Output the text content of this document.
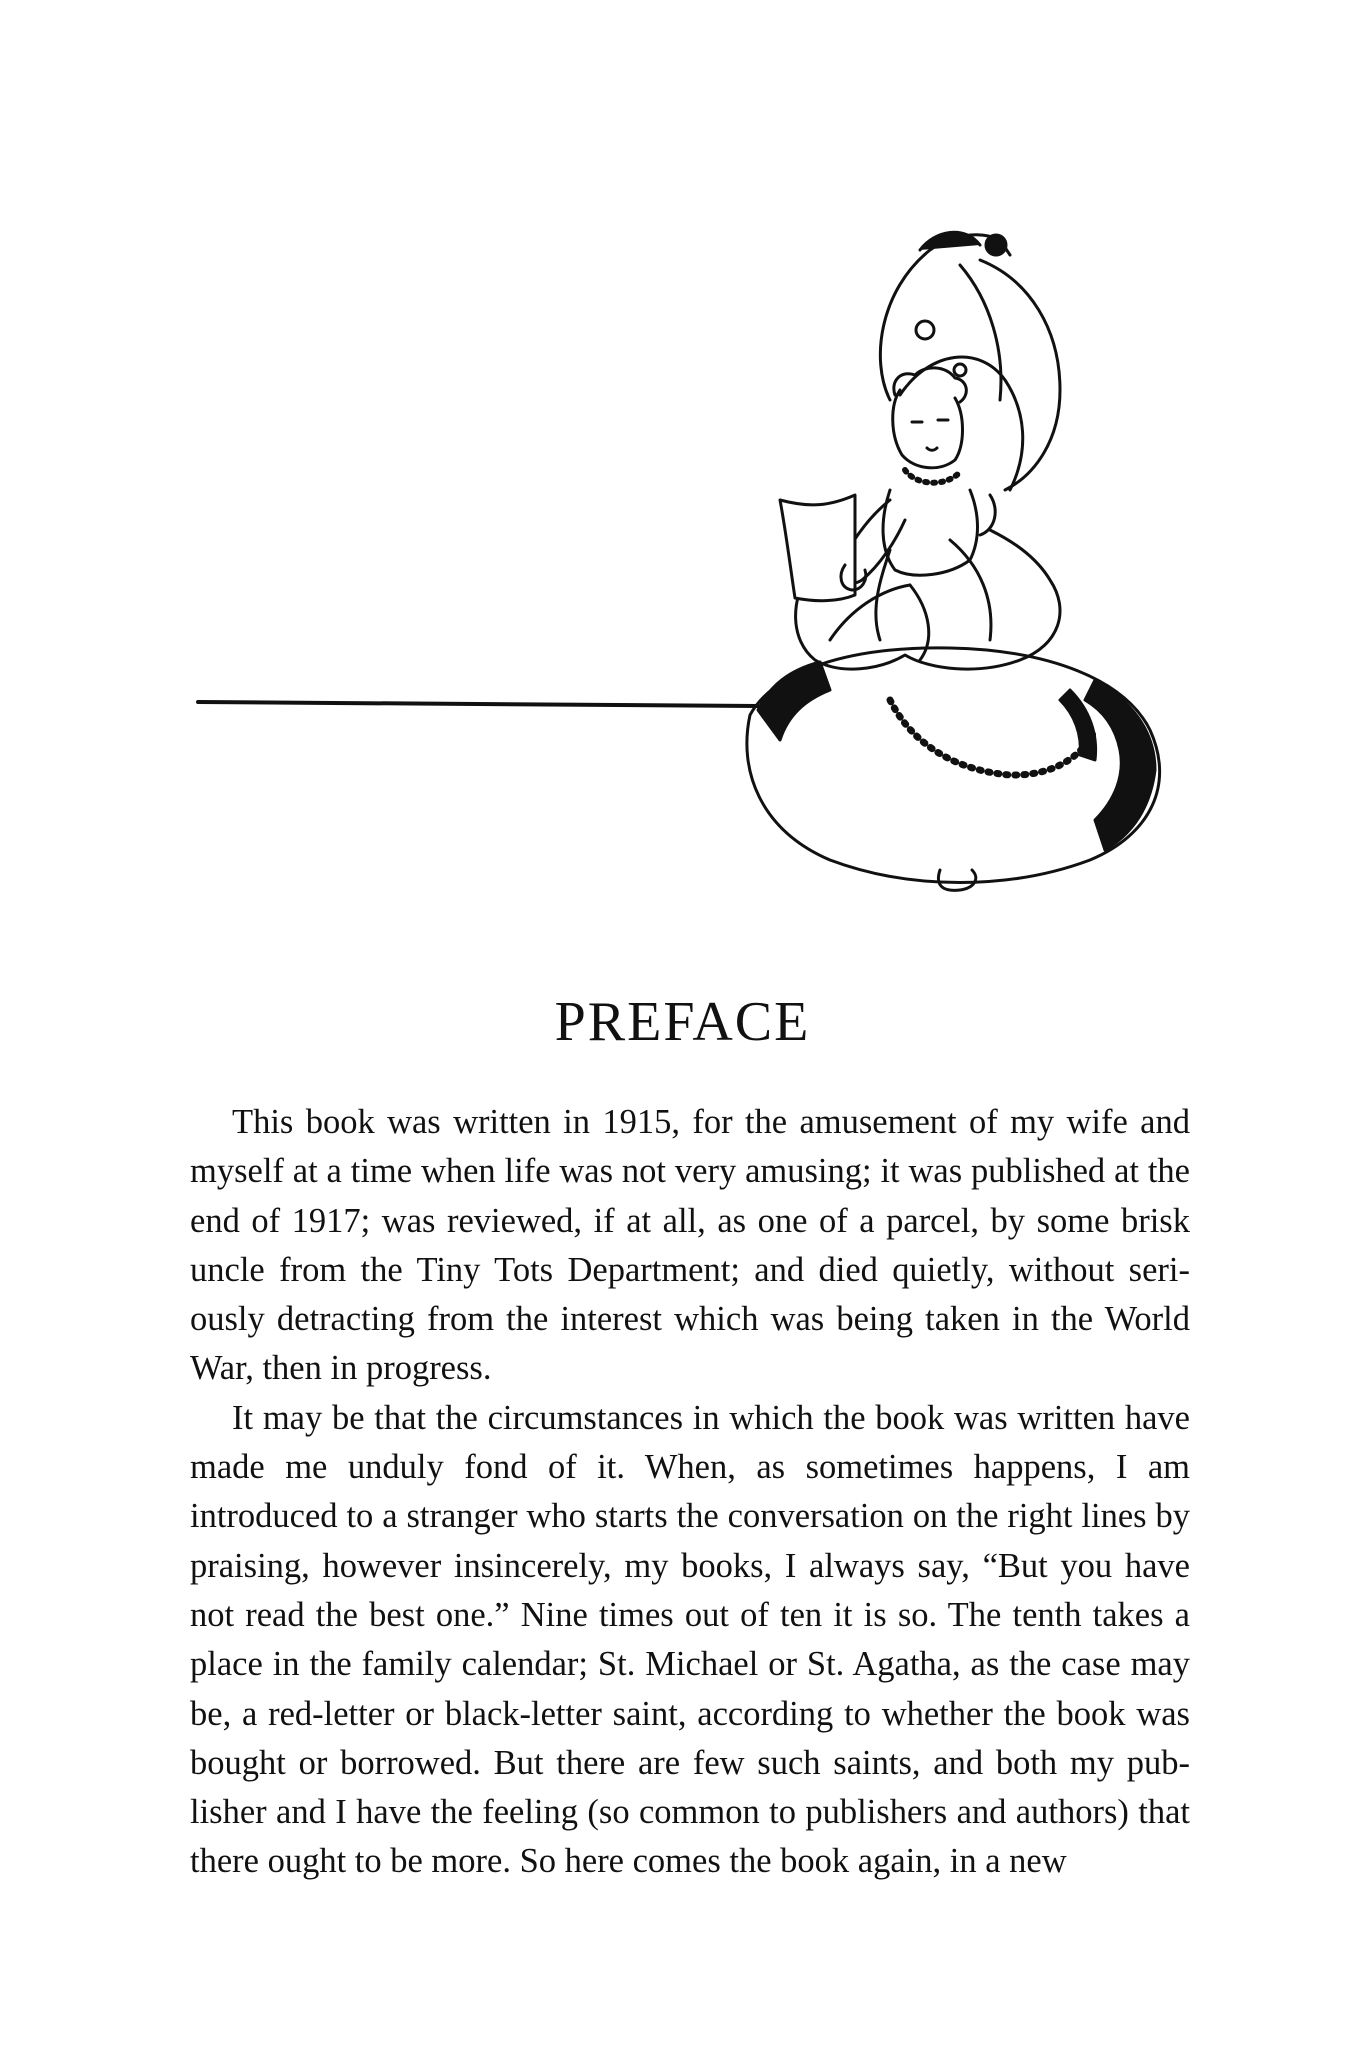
PREFACE

This book was written in 1915, for the amusement of my wife and myself at a time when life was not very amusing; it was published at the end of 1917; was reviewed, if at all, as one of a parcel, by some brisk uncle from the Tiny Tots Department; and died quietly, without seriously detracting from the interest which was being taken in the World War, then in progress.

It may be that the circumstances in which the book was written have made me unduly fond of it. When, as sometimes happens, I am introduced to a stranger who starts the conversation on the right lines by praising, however insincerely, my books, I always say, “But you have not read the best one.” Nine times out of ten it is so. The tenth takes a place in the family calendar; St. Michael or St. Agatha, as the case may be, a red-letter or black-letter saint, according to whether the book was bought or borrowed. But there are few such saints, and both my publisher and I have the feeling (so common to publishers and authors) that there ought to be more. So here comes the book again, in a new
